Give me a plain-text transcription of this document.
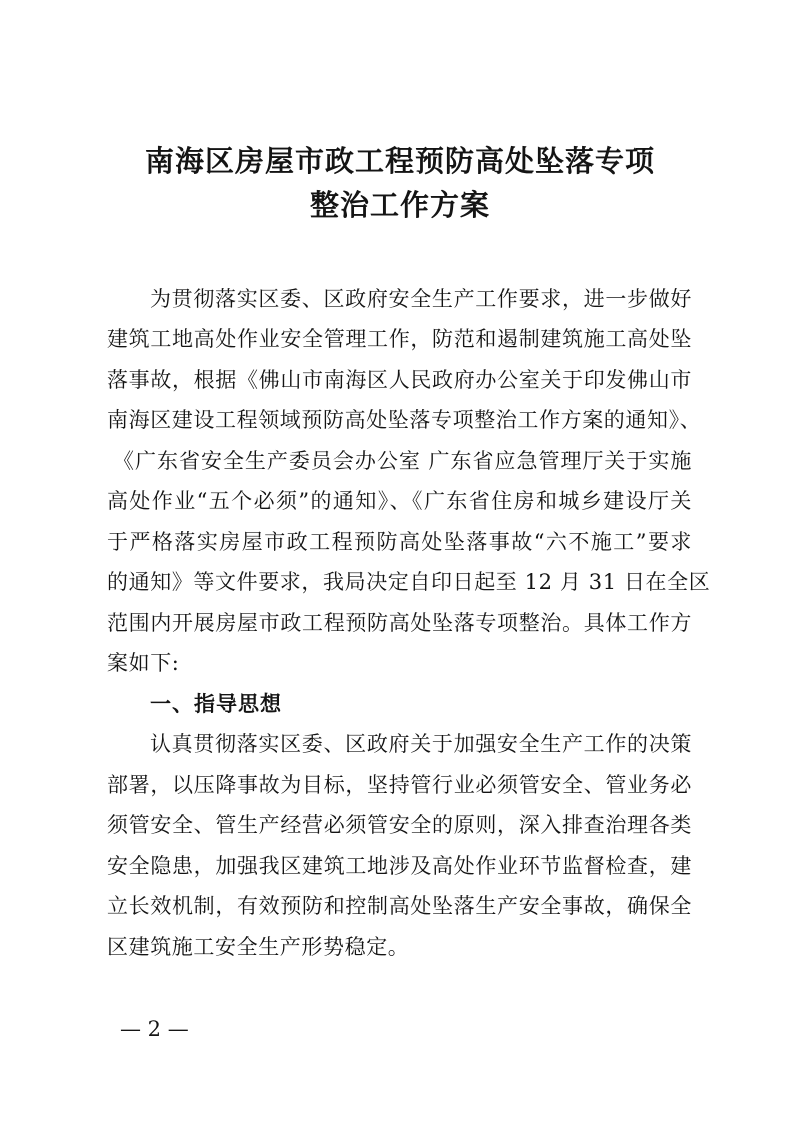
南海区房屋市政工程预防高处坠落专项
整治工作方案
为贯彻落实区委、区政府安全生产工作要求，进一步做好
建筑工地高处作业安全管理工作，防范和遏制建筑施工高处坠
落事故，根据《佛山市南海区人民政府办公室关于印发佛山市
南海区建设工程领域预防高处坠落专项整治工作方案的通知》、
《广东省安全生产委员会办公室 广东省应急管理厅关于实施
高处作业“五个必须”的通知》、《广东省住房和城乡建设厅关
于严格落实房屋市政工程预防高处坠落事故“六不施工”要求
的通知》等文件要求，我局决定自印日起至 12 月 31 日在全区
范围内开展房屋市政工程预防高处坠落专项整治。具体工作方
案如下:
一、指导思想
认真贯彻落实区委、区政府关于加强安全生产工作的决策
部署，以压降事故为目标，坚持管行业必须管安全、管业务必
须管安全、管生产经营必须管安全的原则，深入排查治理各类
安全隐患，加强我区建筑工地涉及高处作业环节监督检查，建
立长效机制，有效预防和控制高处坠落生产安全事故，确保全
区建筑施工安全生产形势稳定。
— 2 —
